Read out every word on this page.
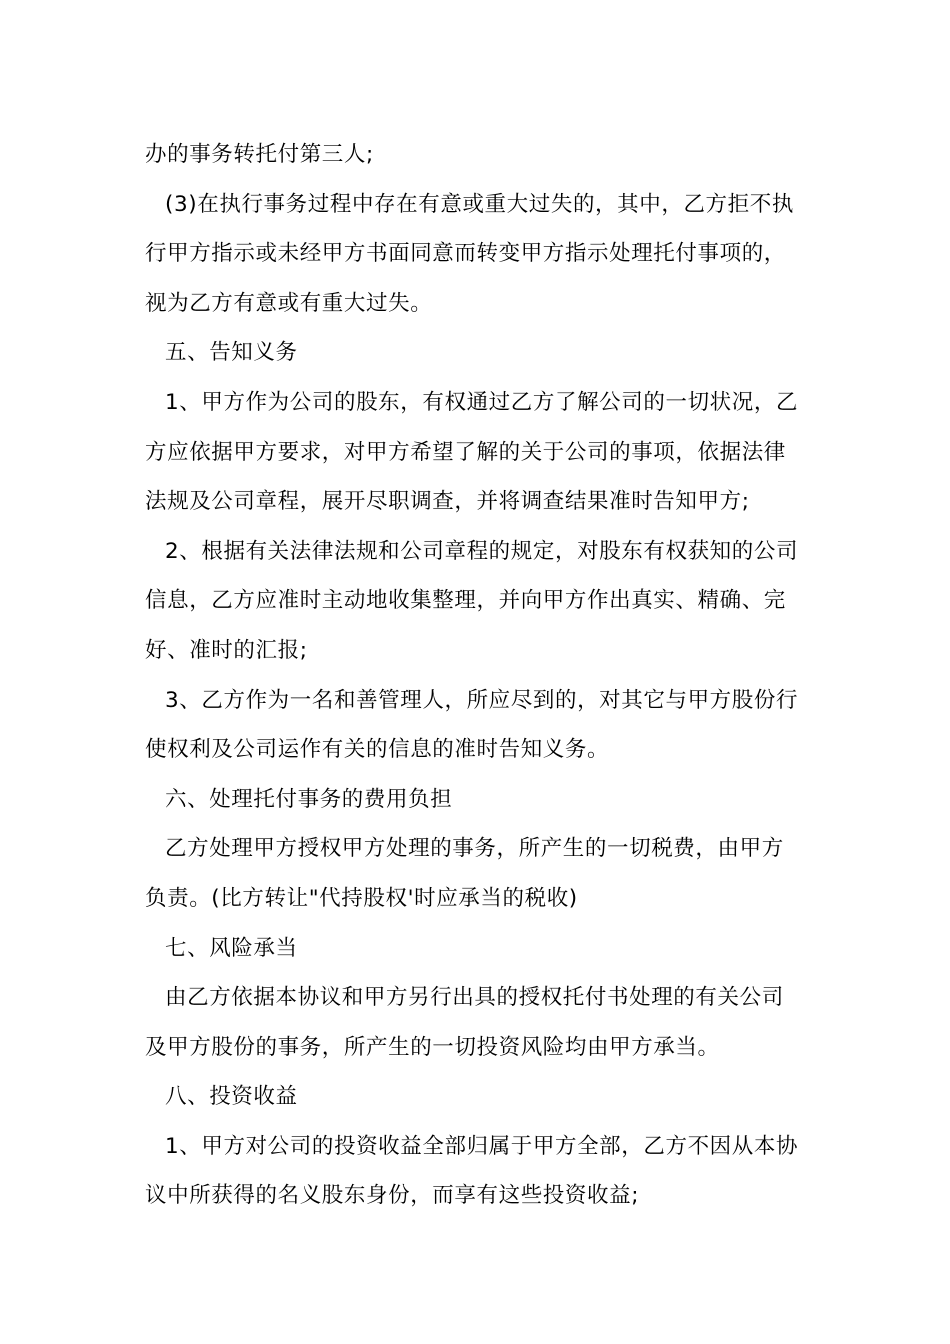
办的事务转托付第三人;
(3)在执行事务过程中存在有意或重大过失的，其中，乙方拒不执
行甲方指示或未经甲方书面同意而转变甲方指示处理托付事项的，
视为乙方有意或有重大过失。
五、告知义务
1、甲方作为公司的股东，有权通过乙方了解公司的一切状况，乙
方应依据甲方要求，对甲方希望了解的关于公司的事项，依据法律
法规及公司章程，展开尽职调查，并将调查结果准时告知甲方;
2、根据有关法律法规和公司章程的规定，对股东有权获知的公司
信息，乙方应准时主动地收集整理，并向甲方作出真实、精确、完
好、准时的汇报;
3、乙方作为一名和善管理人，所应尽到的，对其它与甲方股份行
使权利及公司运作有关的信息的准时告知义务。
六、处理托付事务的费用负担
乙方处理甲方授权甲方处理的事务，所产生的一切税费，由甲方
负责。(比方转让"代持股权'时应承当的税收)
七、风险承当
由乙方依据本协议和甲方另行出具的授权托付书处理的有关公司
及甲方股份的事务，所产生的一切投资风险均由甲方承当。
八、投资收益
1、甲方对公司的投资收益全部归属于甲方全部，乙方不因从本协
议中所获得的名义股东身份，而享有这些投资收益;
